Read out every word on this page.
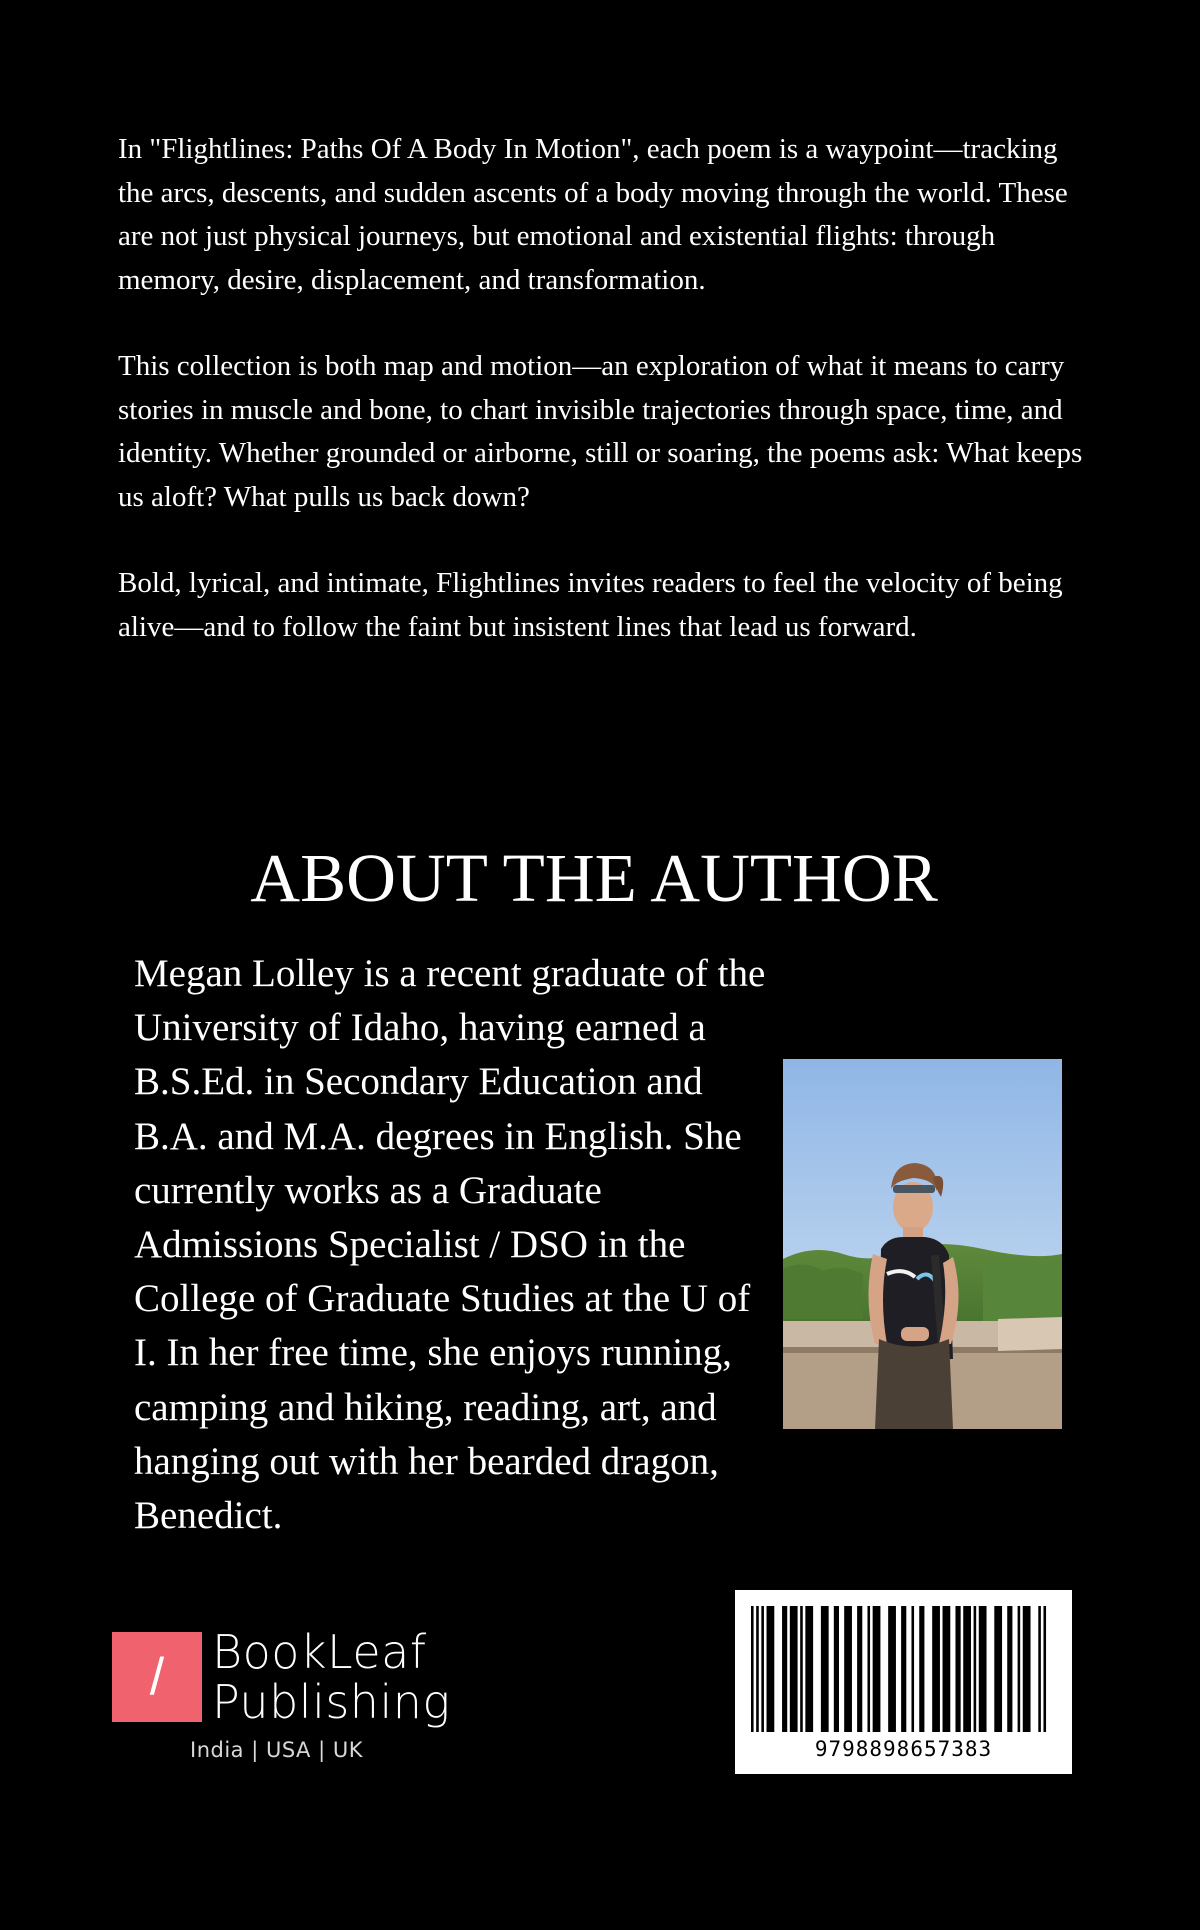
In "Flightlines: Paths Of A Body In Motion", each poem is a waypoint—tracking the arcs, descents, and sudden ascents of a body moving through the world. These are not just physical journeys, but emotional and existential flights: through memory, desire, displacement, and transformation.

This collection is both map and motion—an exploration of what it means to carry stories in muscle and bone, to chart invisible trajectories through space, time, and identity. Whether grounded or airborne, still or soaring, the poems ask: What keeps us aloft? What pulls us back down?

Bold, lyrical, and intimate, Flightlines invites readers to feel the velocity of being alive—and to follow the faint but insistent lines that lead us forward.

ABOUT THE AUTHOR

Megan Lolley is a recent graduate of the University of Idaho, having earned a B.S.Ed. in Secondary Education and B.A. and M.A. degrees in English. She currently works as a Graduate Admissions Specialist / DSO in the College of Graduate Studies at the U of I. In her free time, she enjoys running, camping and hiking, reading, art, and hanging out with her bearded dragon, Benedict.

/ BookLeaf
Publishing
India | USA | UK	9798898657383
